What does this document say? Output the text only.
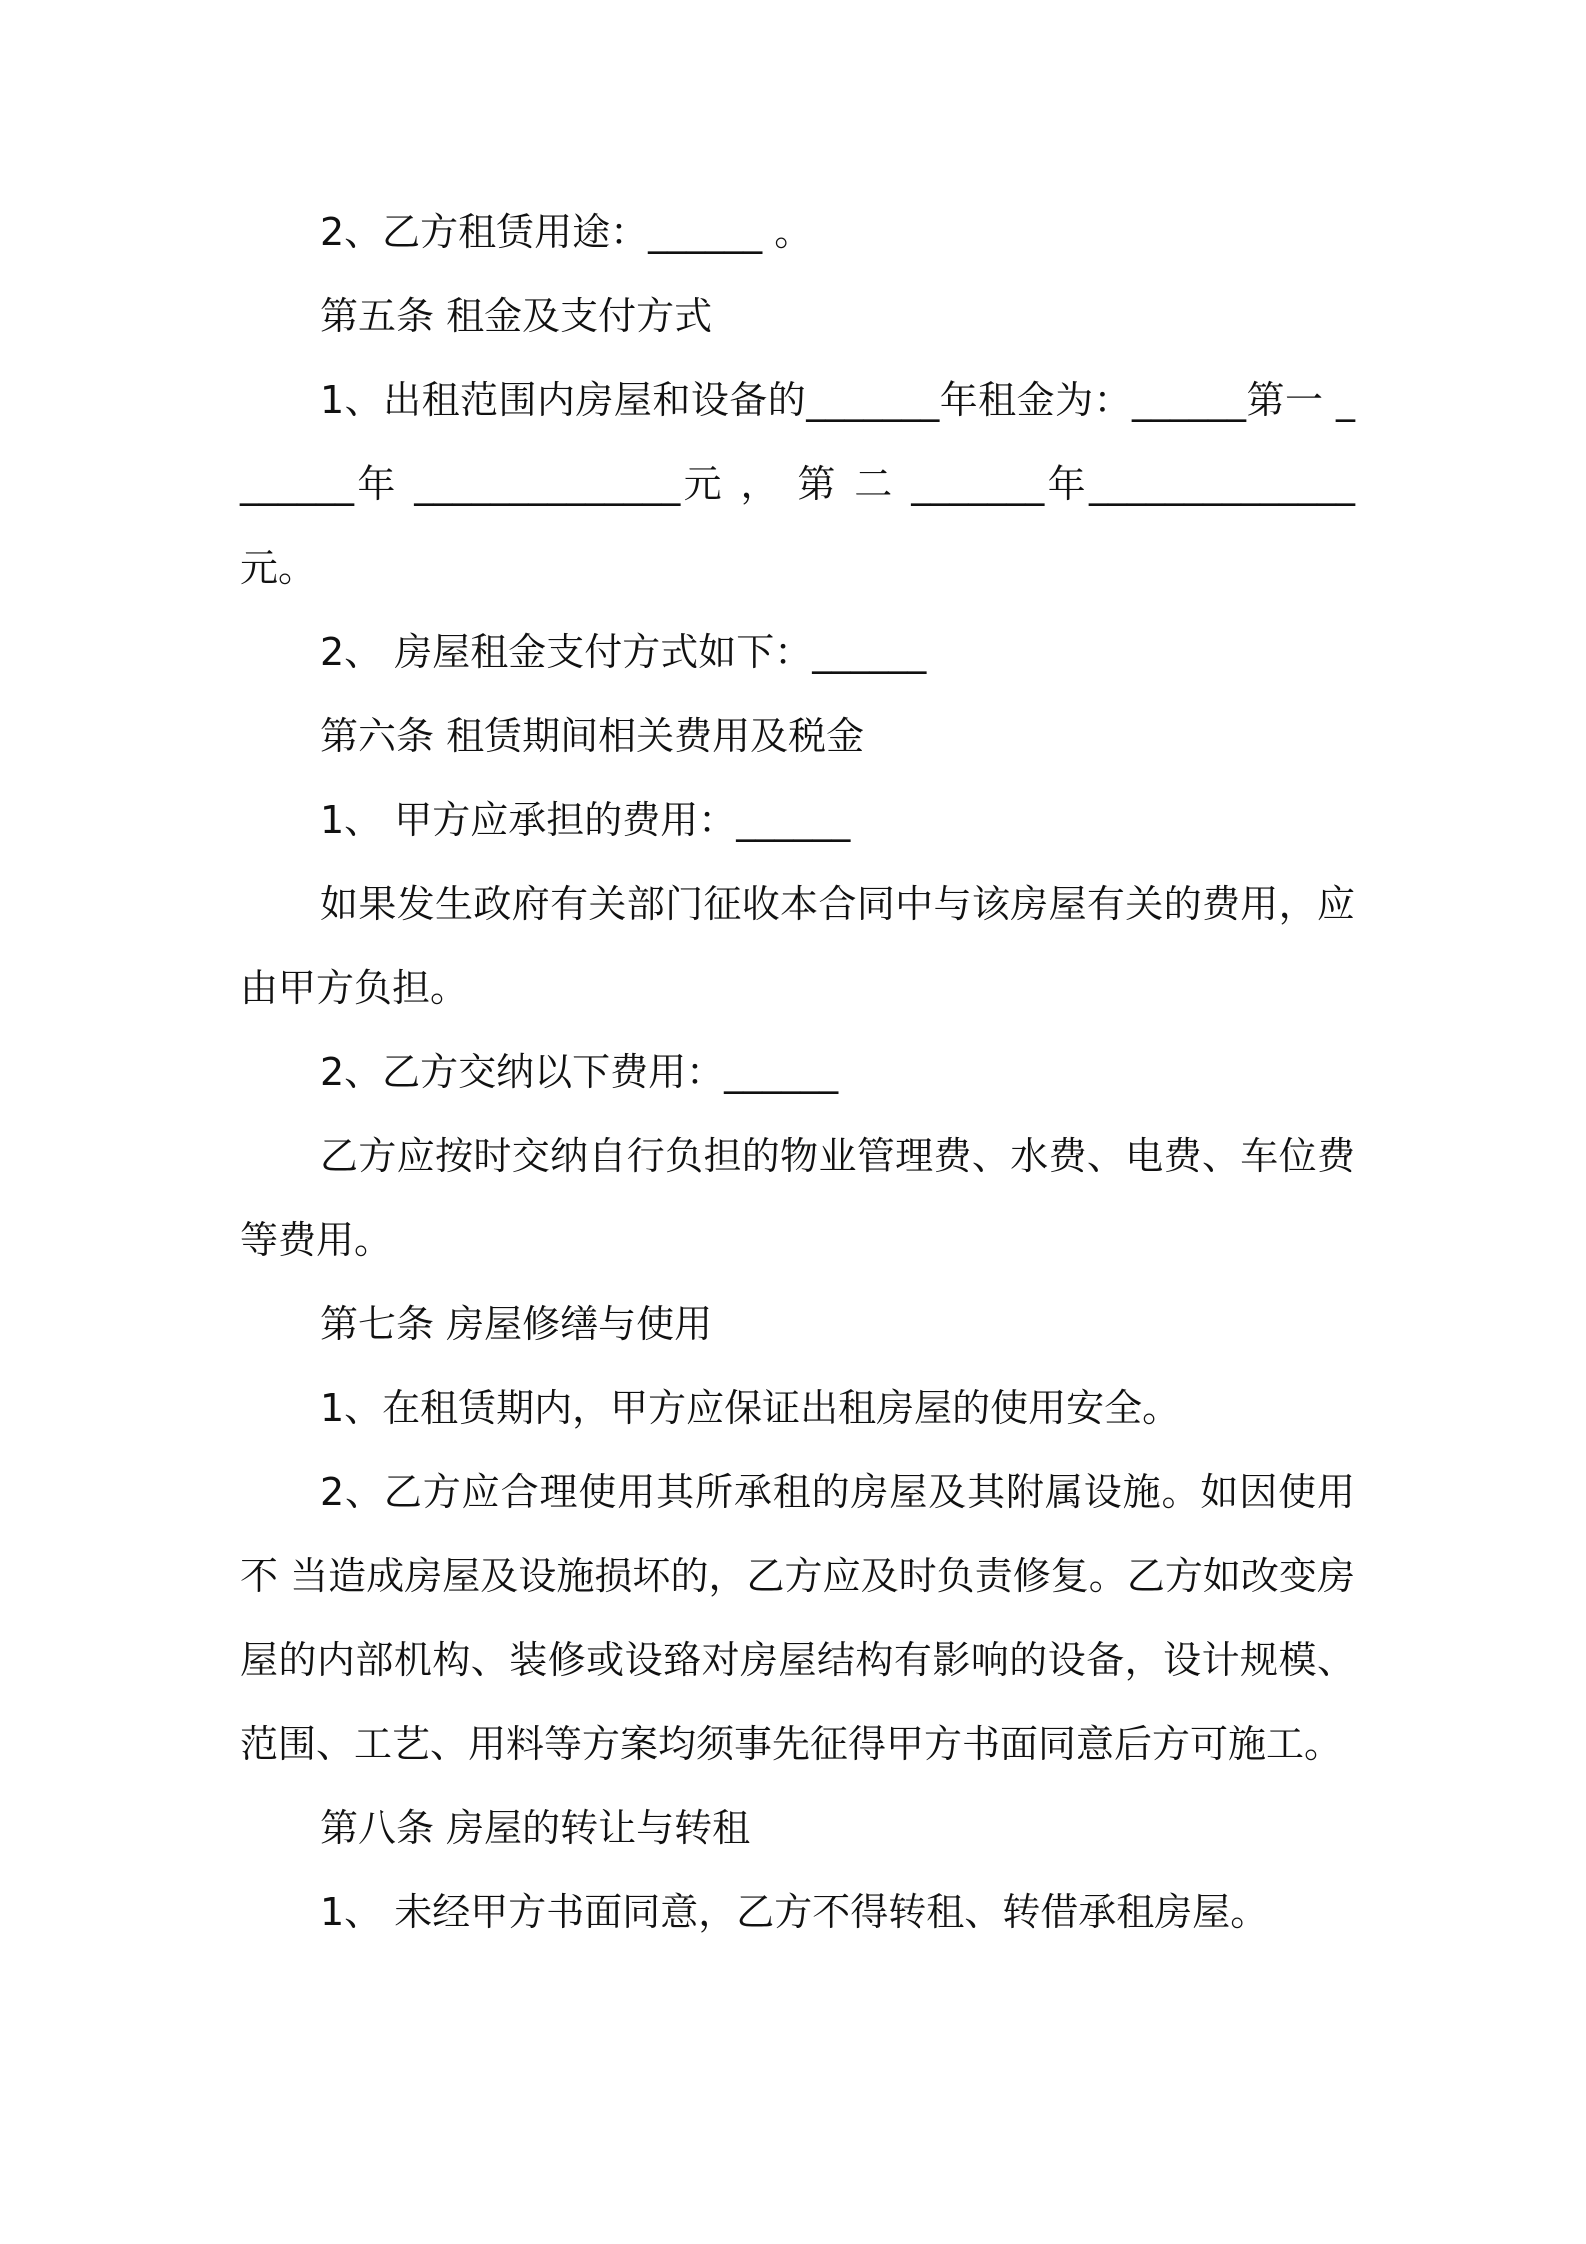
2、乙方租赁用途：______ 。

第五条 租金及支付方式

1、出租范围内房屋和设备的_______年租金为：______第一 _______年 ______________元 ， 第 二 _______年______________元。

2、 房屋租金支付方式如下：______

第六条 租赁期间相关费用及税金

1、 甲方应承担的费用：______

如果发生政府有关部门征收本合同中与该房屋有关的费用，应由甲方负担。

2、乙方交纳以下费用：______

乙方应按时交纳自行负担的物业管理费、水费、电费、车位费等费用。

第七条 房屋修缮与使用

1、在租赁期内，甲方应保证出租房屋的使用安全。

2、乙方应合理使用其所承租的房屋及其附属设施。如因使用不 当造成房屋及设施损坏的，乙方应及时负责修复。乙方如改变房屋的内部机构、装修或设臵对房屋结构有影响的设备，设计规模、范围、工艺、用料等方案均须事先征得甲方书面同意后方可施工。

第八条 房屋的转让与转租

1、 未经甲方书面同意，乙方不得转租、转借承租房屋。
